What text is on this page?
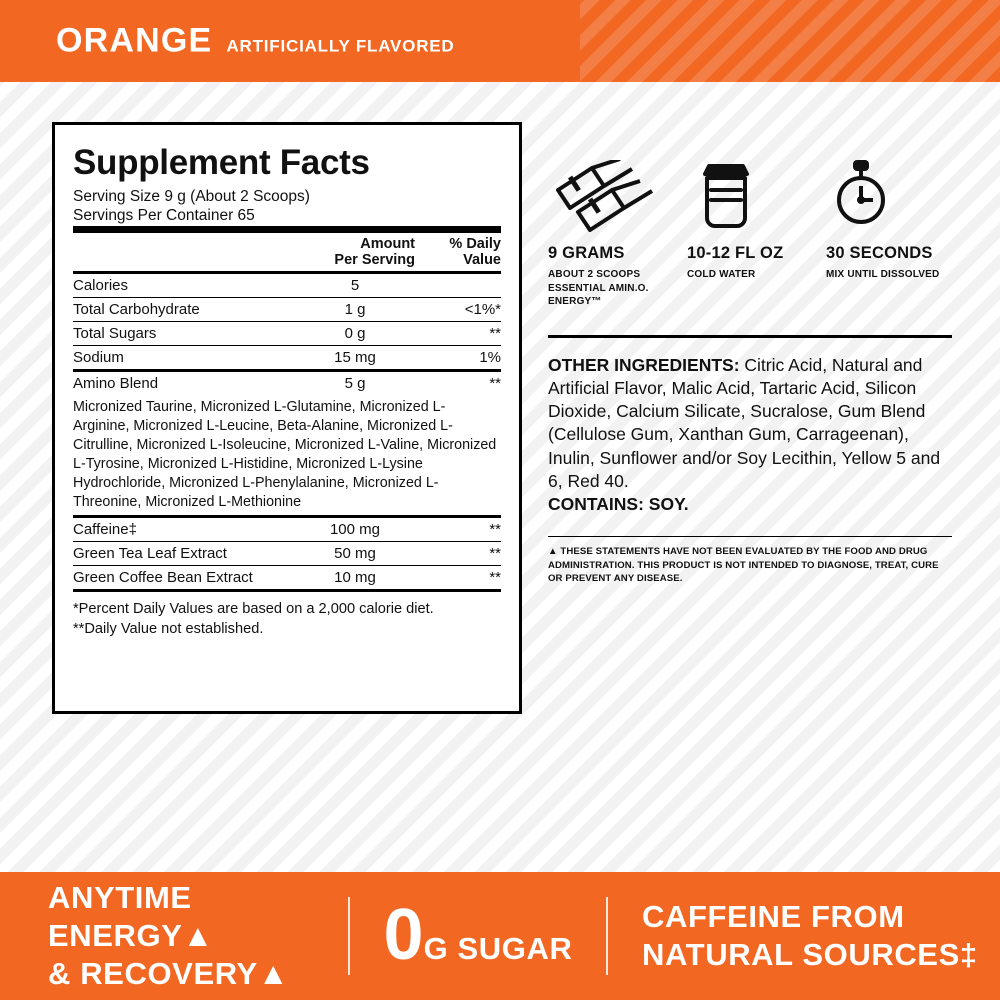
ORANGE ARTIFICIALLY FLAVORED
Supplement Facts
Serving Size 9 g (About 2 Scoops)
Servings Per Container 65
	Amount
Per Serving	% Daily
Value
Calories	5	
Total Carbohydrate	1 g	<1%*
Total Sugars	0 g	**
Sodium	15 mg	1%
Amino Blend	5 g	**
Micronized Taurine, Micronized L-Glutamine, Micronized L-Arginine, Micronized L-Leucine, Beta-Alanine, Micronized L-Citrulline, Micronized L-Isoleucine, Micronized L-Valine, Micronized L-Tyrosine, Micronized L-Histidine, Micronized L-Lysine Hydrochloride, Micronized L-Phenylalanine, Micronized L-Threonine, Micronized L-Methionine		
Caffeine‡	100 mg	**
Green Tea Leaf Extract	50 mg	**
Green Coffee Bean Extract	10 mg	**

*Percent Daily Values are based on a 2,000 calorie diet.
**Daily Value not established.
9 GRAMS
ABOUT 2 SCOOPS ESSENTIAL AMIN.O. ENERGY™
10-12 FL OZ
COLD WATER
30 SECONDS
MIX UNTIL DISSOLVED
OTHER INGREDIENTS: Citric Acid, Natural and Artificial Flavor, Malic Acid, Tartaric Acid, Silicon Dioxide, Calcium Silicate, Sucralose, Gum Blend (Cellulose Gum, Xanthan Gum, Carrageenan), Inulin, Sunflower and/or Soy Lecithin, Yellow 5 and 6, Red 40.
CONTAINS: SOY.
▲ THESE STATEMENTS HAVE NOT BEEN EVALUATED BY THE FOOD AND DRUG ADMINISTRATION. THIS PRODUCT IS NOT INTENDED TO DIAGNOSE, TREAT, CURE OR PREVENT ANY DISEASE.
ANYTIME ENERGY▲
& RECOVERY▲	0 G SUGAR
CAFFEINE FROM
NATURAL SOURCES‡
